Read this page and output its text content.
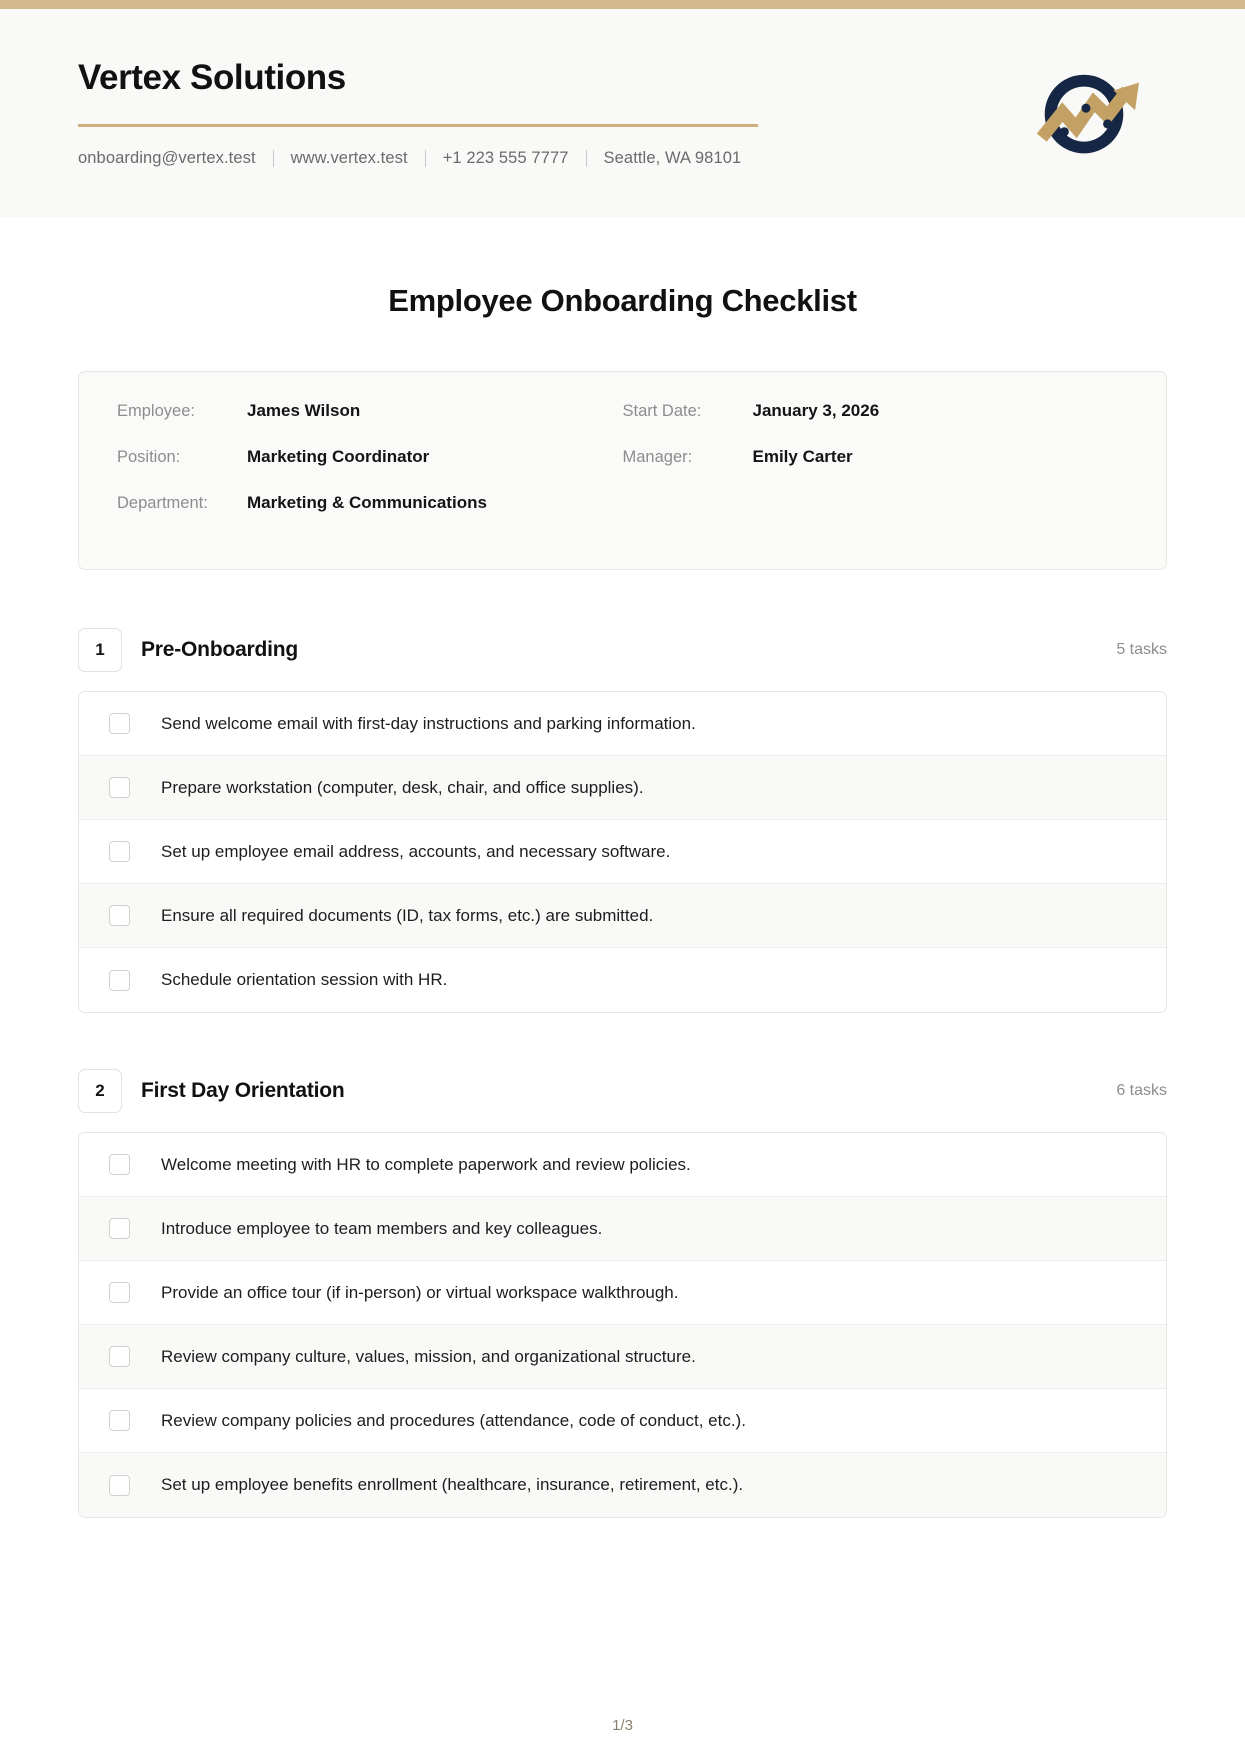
Vertex Solutions
onboarding@vertex.test www.vertex.test +1 223 555 7777 Seattle, WA 98101
Employee Onboarding Checklist
Employee:	James Wilson
Position:	Marketing Coordinator
Department:	Marketing & Communications
Start Date:	January 3, 2026
Manager:	Emily Carter
1	Pre-Onboarding	5 tasks
Send welcome email with first-day instructions and parking information.
Prepare workstation (computer, desk, chair, and office supplies).
Set up employee email address, accounts, and necessary software.
Ensure all required documents (ID, tax forms, etc.) are submitted.
Schedule orientation session with HR.
2	First Day Orientation	6 tasks
Welcome meeting with HR to complete paperwork and review policies.
Introduce employee to team members and key colleagues.
Provide an office tour (if in-person) or virtual workspace walkthrough.
Review company culture, values, mission, and organizational structure.
Review company policies and procedures (attendance, code of conduct, etc.).
Set up employee benefits enrollment (healthcare, insurance, retirement, etc.).
1/3
